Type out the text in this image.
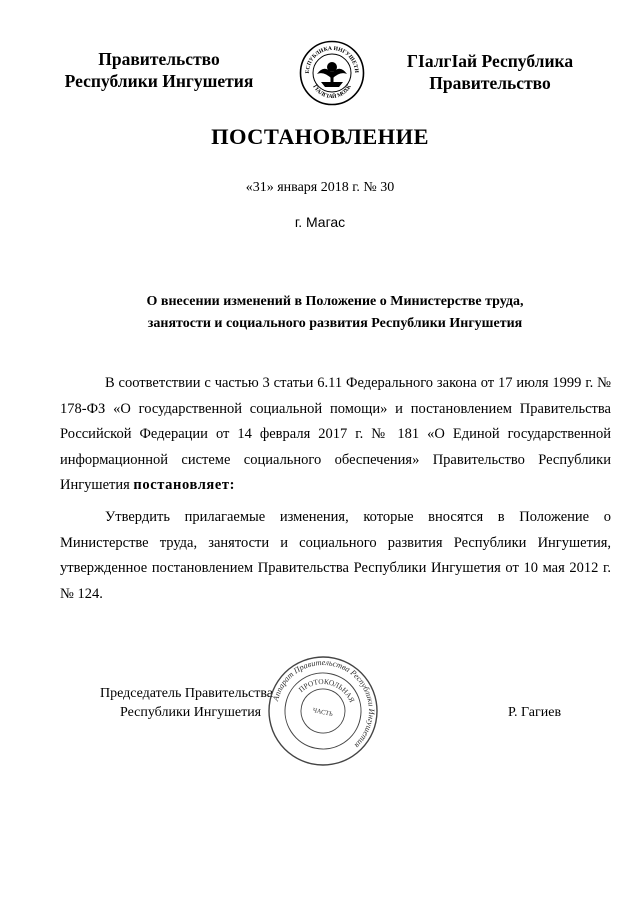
Правительство
Республики Ингушетия	ЕСПУБЛИКА ИНГУШЕТИ
ГIАЛГIАЙ МОХК
ГIалгIай Республика
Правительство
ПОСТАНОВЛЕНИЕ
«31» января 2018 г. № 30
г. Магас
О внесении изменений в Положение о Министерстве труда,
занятости и социального развития Республики Ингушетия
В соответствии с частью 3 статьи 6.11 Федерального закона от 17 июля 1999 г. № 178-ФЗ «О государственной социальной помощи» и постановлением Правительства Российской Федерации от 14 февраля 2017 г. № 181 «О Единой государственной информационной системе социального обеспечения» Правительство Республики Ингушетия постановляет:
Утвердить прилагаемые изменения, которые вносятся в Положение о Министерстве труда, занятости и социального развития Республики Ингушетия, утвержденное постановлением Правительства Республики Ингушетия от 10 мая 2012 г. № 124.
Председатель Правительства
Республики Ингушетия	Р. Гагиев
Аппарат Правительства Республики Ингушетия
ПРОТОКОЛЬНАЯ
ЧАСТЬ
